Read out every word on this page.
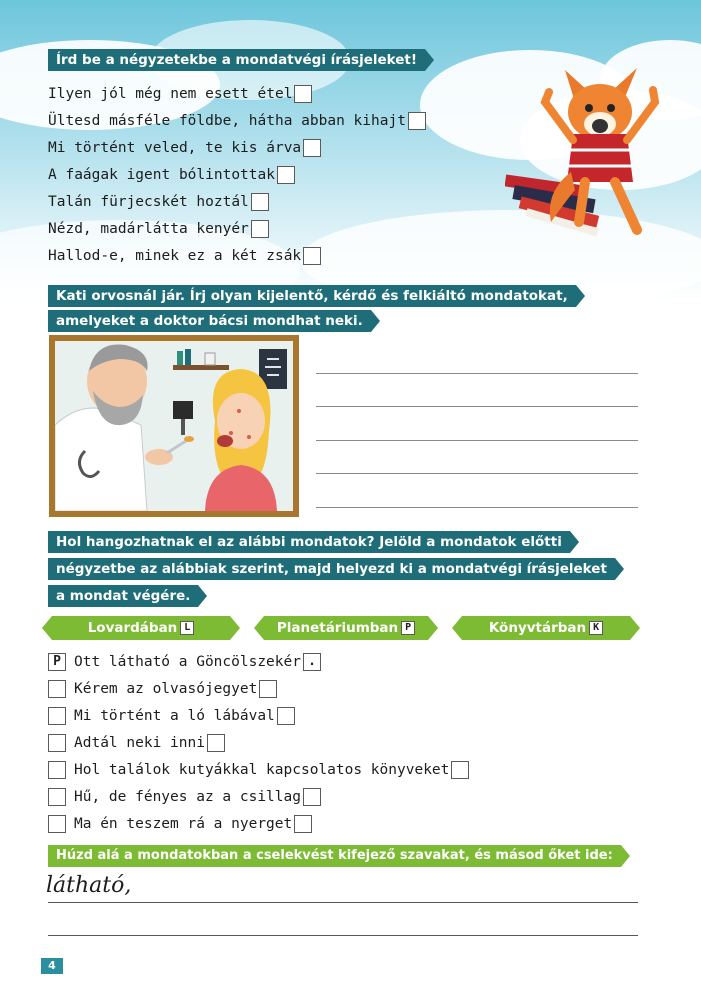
Írd be a négyzetekbe a mondatvégi írásjeleket!
Ilyen jól még nem esett étel
Ültesd másféle földbe, hátha abban kihajt
Mi történt veled, te kis árva
A faágak igent bólintottak
Talán fürjecskét hoztál
Nézd, madárlátta kenyér
Hallod-e, minek ez a két zsák
Kati orvosnál jár. Írj olyan kijelentő, kérdő és felkiáltó mondatokat,
amelyeket a doktor bácsi mondhat neki.
Hol hangozhatnak el az alábbi mondatok? Jelöld a mondatok előtti
négyzetbe az alábbiak szerint, majd helyezd ki a mondatvégi írásjeleket
a mondat végére.
Lovardában L	Planetáriumban P	Könyvtárban K
P Ott látható a Göncölszekér .
Kérem az olvasójegyet
Mi történt a ló lábával
Adtál neki inni
Hol találok kutyákkal kapcsolatos könyveket
Hű, de fényes az a csillag
Ma én teszem rá a nyerget
Húzd alá a mondatokban a cselekvést kifejező szavakat, és másod őket ide:
látható,
4
